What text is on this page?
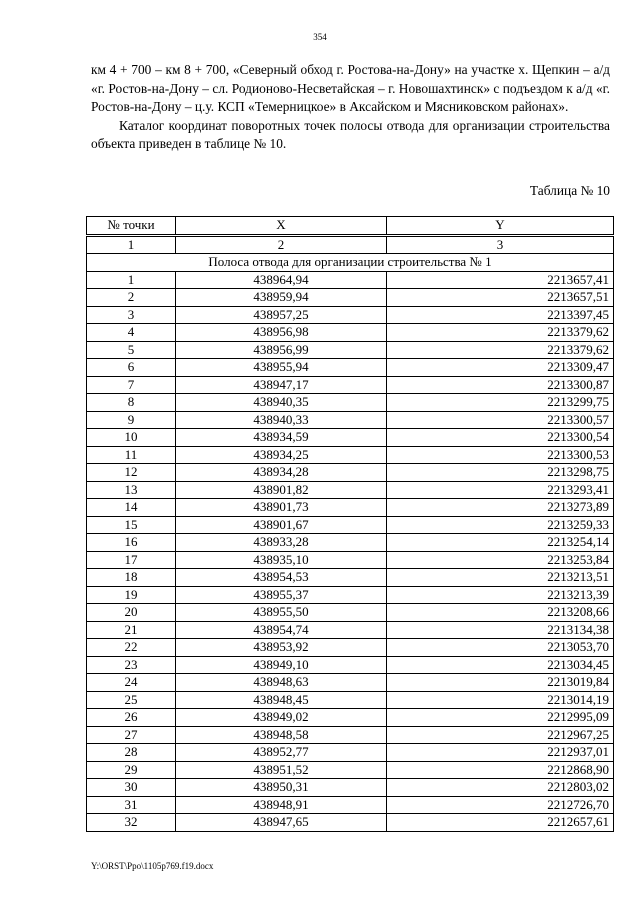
354

км 4 + 700 – км 8 + 700, «Северный обход г. Ростова-на-Дону» на участке х. Щепкин – а/д «г. Ростов-на-Дону – сл. Родионово-Несветайская – г. Новошахтинск» с подъездом к а/д «г. Ростов-на-Дону – ц.у. КСП «Темерницкое» в Аксайском и Мясниковском районах».

Каталог координат поворотных точек полосы отвода для организации строительства объекта приведен в таблице № 10.

Таблица № 10
№ точки	X	Y
1	2	3
Полоса отвода для организации строительства № 1		
1	438964,94	2213657,41
2	438959,94	2213657,51
3	438957,25	2213397,45
4	438956,98	2213379,62
5	438956,99	2213379,62
6	438955,94	2213309,47
7	438947,17	2213300,87
8	438940,35	2213299,75
9	438940,33	2213300,57
10	438934,59	2213300,54
11	438934,25	2213300,53
12	438934,28	2213298,75
13	438901,82	2213293,41
14	438901,73	2213273,89
15	438901,67	2213259,33
16	438933,28	2213254,14
17	438935,10	2213253,84
18	438954,53	2213213,51
19	438955,37	2213213,39
20	438955,50	2213208,66
21	438954,74	2213134,38
22	438953,92	2213053,70
23	438949,10	2213034,45
24	438948,63	2213019,84
25	438948,45	2213014,19
26	438949,02	2212995,09
27	438948,58	2212967,25
28	438952,77	2212937,01
29	438951,52	2212868,90
30	438950,31	2212803,02
31	438948,91	2212726,70
32	438947,65	2212657,61
Y:\ORST\Ppo\1105p769.f19.docx
